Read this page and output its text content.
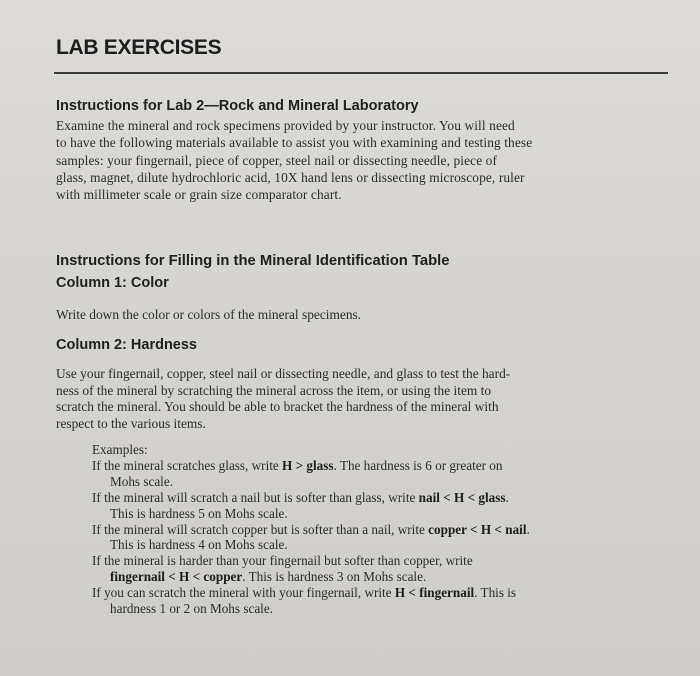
LAB EXERCISES
Instructions for Lab 2—Rock and Mineral Laboratory
Examine the mineral and rock specimens provided by your instructor. You will need
to have the following materials available to assist you with examining and testing these
samples: your fingernail, piece of copper, steel nail or dissecting needle, piece of
glass, magnet, dilute hydrochloric acid, 10X hand lens or dissecting microscope, ruler
with millimeter scale or grain size comparator chart.
Instructions for Filling in the Mineral Identification Table
Column 1: Color
Write down the color or colors of the mineral specimens.
Column 2: Hardness
Use your fingernail, copper, steel nail or dissecting needle, and glass to test the hard-
ness of the mineral by scratching the mineral across the item, or using the item to
scratch the mineral. You should be able to bracket the hardness of the mineral with
respect to the various items.
Examples:
If the mineral scratches glass, write H > glass. The hardness is 6 or greater on
Mohs scale.
If the mineral will scratch a nail but is softer than glass, write nail < H < glass.
This is hardness 5 on Mohs scale.
If the mineral will scratch copper but is softer than a nail, write copper < H < nail.
This is hardness 4 on Mohs scale.
If the mineral is harder than your fingernail but softer than copper, write
fingernail < H < copper. This is hardness 3 on Mohs scale.
If you can scratch the mineral with your fingernail, write H < fingernail. This is
hardness 1 or 2 on Mohs scale.
